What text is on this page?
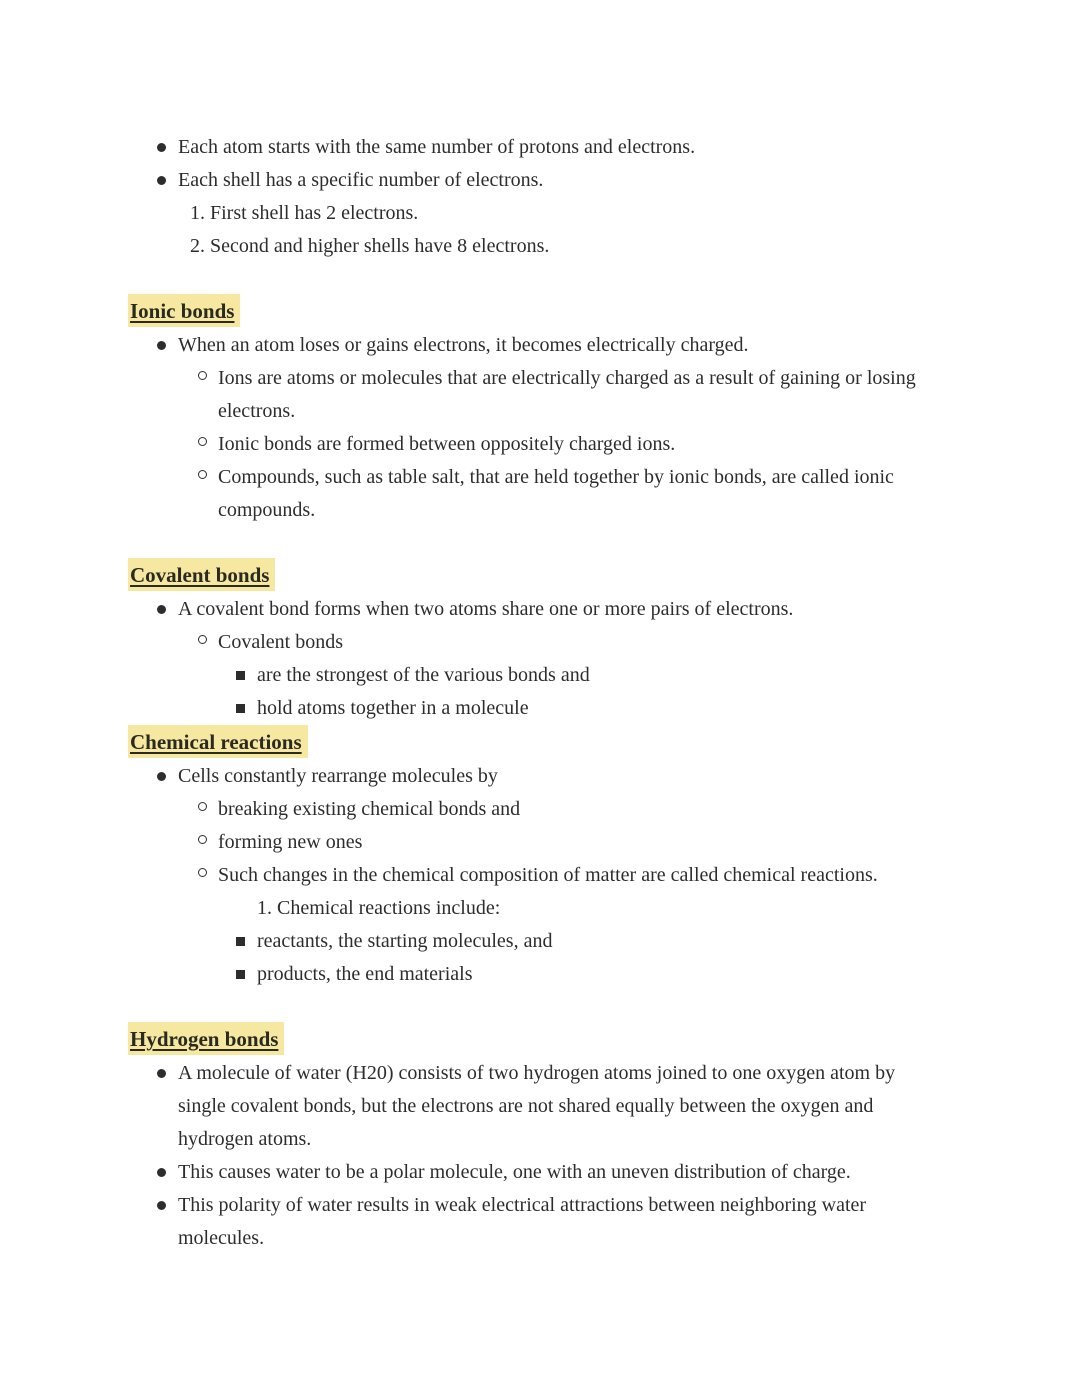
Each atom starts with the same number of protons and electrons.
Each shell has a specific number of electrons.
1. First shell has 2 electrons.
2. Second and higher shells have 8 electrons.
Ionic bonds
When an atom loses or gains electrons, it becomes electrically charged.
Ions are atoms or molecules that are electrically charged as a result of gaining or losing electrons.
Ionic bonds are formed between oppositely charged ions.
Compounds, such as table salt, that are held together by ionic bonds, are called ionic compounds.
Covalent bonds
A covalent bond forms when two atoms share one or more pairs of electrons.
Covalent bonds
are the strongest of the various bonds and
hold atoms together in a molecule
Chemical reactions
Cells constantly rearrange molecules by
breaking existing chemical bonds and
forming new ones
Such changes in the chemical composition of matter are called chemical reactions.
1. Chemical reactions include:
reactants, the starting molecules, and
products, the end materials
Hydrogen bonds
A molecule of water (H20) consists of two hydrogen atoms joined to one oxygen atom by single covalent bonds, but the electrons are not shared equally between the oxygen and hydrogen atoms.
This causes water to be a polar molecule, one with an uneven distribution of charge.
This polarity of water results in weak electrical attractions between neighboring water molecules.
